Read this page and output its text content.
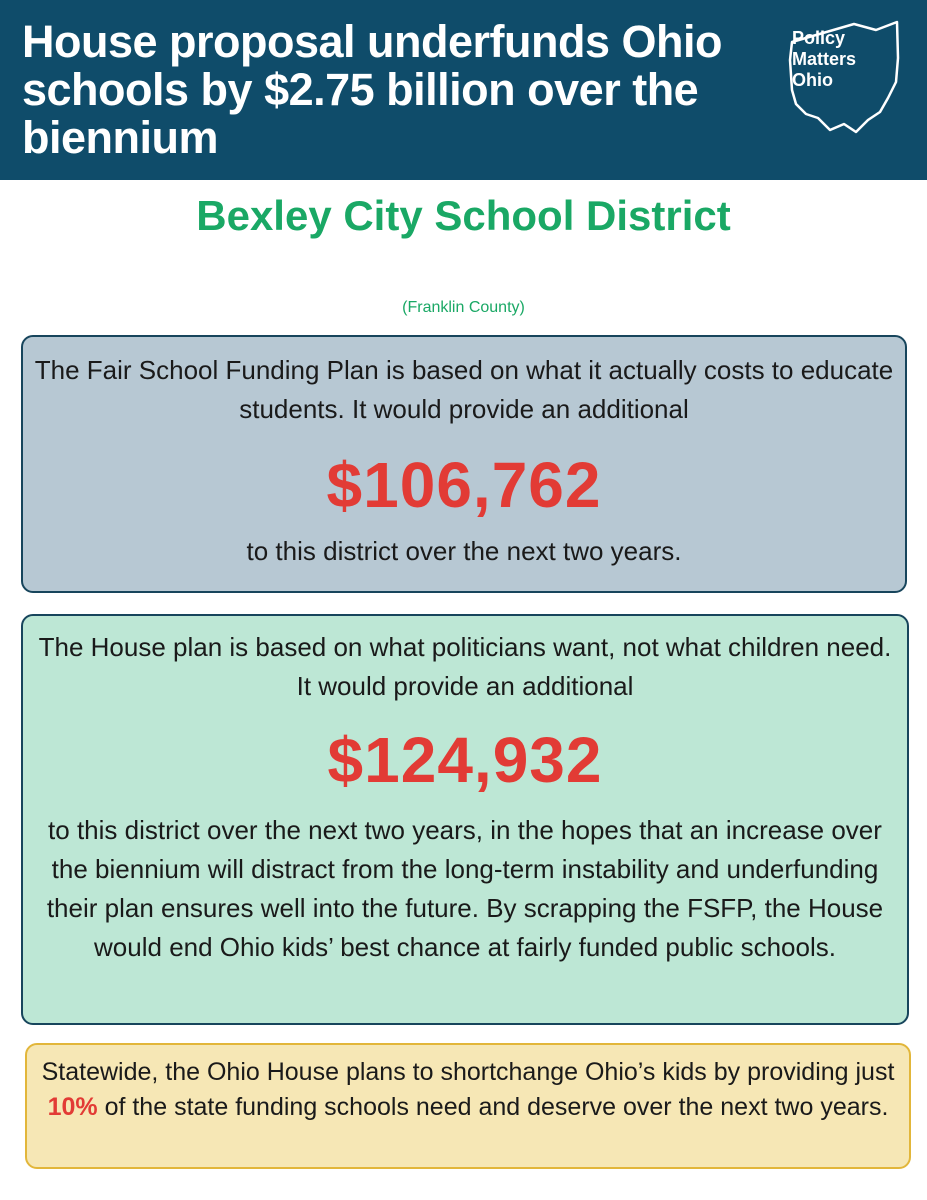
House proposal underfunds Ohio schools by $2.75 billion over the biennium
Policy
Matters
Ohio
Bexley City School District
(Franklin County)
The Fair School Funding Plan is based on what it actually costs to educate students. It would provide an additional
$106,762
to this district over the next two years.
The House plan is based on what politicians want, not what children need. It would provide an additional
$124,932
to this district over the next two years, in the hopes that an increase over the biennium will distract from the long-term instability and underfunding their plan ensures well into the future. By scrapping the FSFP, the House would end Ohio kids’ best chance at fairly funded public schools.
Statewide, the Ohio House plans to shortchange Ohio’s kids by providing just 10% of the state funding schools need and deserve over the next two years.
